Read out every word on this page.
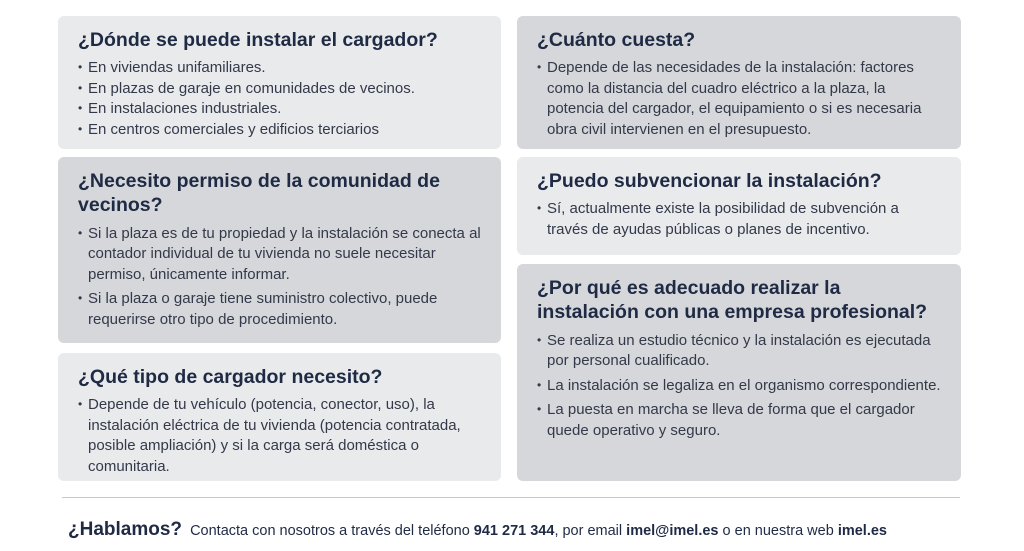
¿Dónde se puede instalar el cargador?
• En viviendas unifamiliares.
• En plazas de garaje en comunidades de vecinos.
• En instalaciones industriales.
• En centros comerciales y edificios terciarios
¿Necesito permiso de la comunidad de vecinos?
• Si la plaza es de tu propiedad y la instalación se conecta al contador individual de tu vivienda no suele necesitar permiso, únicamente informar.
• Si la plaza o garaje tiene suministro colectivo, puede requerirse otro tipo de procedimiento.
¿Qué tipo de cargador necesito?
• Depende de tu vehículo (potencia, conector, uso), la instalación eléctrica de tu vivienda (potencia contratada, posible ampliación) y si la carga será doméstica o comunitaria.
¿Cuánto cuesta?
• Depende de las necesidades de la instalación: factores como la distancia del cuadro eléctrico a la plaza, la potencia del cargador, el equipamiento o si es necesaria obra civil intervienen en el presupuesto.
¿Puedo subvencionar la instalación?
• Sí, actualmente existe la posibilidad de subvención a través de ayudas públicas o planes de incentivo.
¿Por qué es adecuado realizar la instalación con una empresa profesional?
• Se realiza un estudio técnico y la instalación es ejecutada por personal cualificado.
• La instalación se legaliza en el organismo correspondiente.
• La puesta en marcha se lleva de forma que el cargador quede operativo y seguro.
¿Hablamos? Contacta con nosotros a través del teléfono 941 271 344, por email imel@imel.es o en nuestra web imel.es
